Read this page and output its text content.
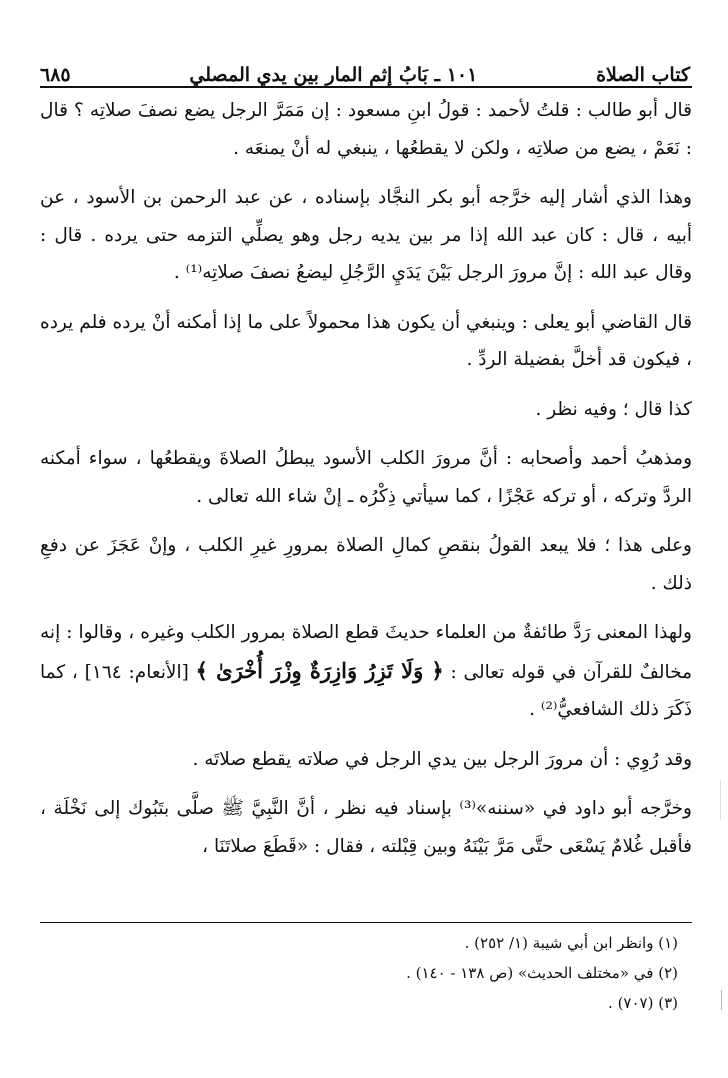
كتاب الصلاة
١٠١ ـ بَابُ إثم المار بين يدي المصلي
٦٨٥

قال أبو طالب : قلتُ لأحمد : قولُ ابنِ مسعود : إن مَمَرَّ الرجل يضع نصفَ صلاتِه ؟ قال : نَعَمْ ، يضع من صلاتِه ، ولكن لا يقطعُها ، ينبغي له أنْ يمنعَه .

وهذا الذي أشار إليه خرَّجه أبو بكر النجَّاد بإسناده ، عن عبد الرحمن بن الأسود ، عن أبيه ، قال : كان عبد الله إذا مر بين يديه رجل وهو يصلِّي التزمه حتى يرده . قال : وقال عبد الله : إنَّ مرورَ الرجل بَيْنَ يَدَيِ الرَّجُلِ ليضعُ نصفَ صلاتِه⁽¹⁾ .

قال القاضي أبو يعلى : وينبغي أن يكون هذا محمولاً على ما إذا أمكنه أنْ يرده فلم يرده ، فيكون قد أخلَّ بفضيلة الردِّ .

كذا قال ؛ وفيه نظر .

ومذهبُ أحمد وأصحابه : أنَّ مرورَ الكلب الأسود يبطلُ الصلاةَ ويقطعُها ، سواء أمكنه الردَّ وتركه ، أو تركه عَجْزًا ، كما سيأتي ذِكْرُه ـ إنْ شاء الله تعالى .

وعلى هذا ؛ فلا يبعد القولُ بنقصِ كمالِ الصلاة بمرورِ غيرِ الكلب ، وإنْ عَجَزَ عن دفعِ ذلك .

ولهذا المعنى رَدَّ طائفةٌ من العلماء حديثَ قطع الصلاة بمرور الكلب وغيره ، وقالوا : إنه مخالفٌ للقرآن في قوله تعالى : ﴿ وَلَا تَزِرُ وَازِرَةٌ وِزْرَ أُخْرَىٰ ﴾ [الأنعام: ١٦٤] ، كما ذَكَرَ ذلك الشافعيُّ⁽²⁾ .

وقد رُوِي : أن مرورَ الرجل بين يدي الرجل في صلاته يقطع صلاتَه .

وخرَّجه أبو داود في «سننه»⁽³⁾ بإسناد فيه نظر ، أنَّ النَّبِيَّ ﷺ صلَّى بتَبُوك إلى نَخْلَة ، فأقبل غُلامٌ يَسْعَى حتَّى مَرَّ بَيْنَهُ وبين قِبْلته ، فقال : «قَطَعَ صلاتَنَا ،

(١) وانظر ابن أبي شيبة (١/ ٢٥٢) .
(٢) في «مختلف الحديث» (ص ١٣٨ - ١٤٠) .
(٣) (٧٠٧) .
